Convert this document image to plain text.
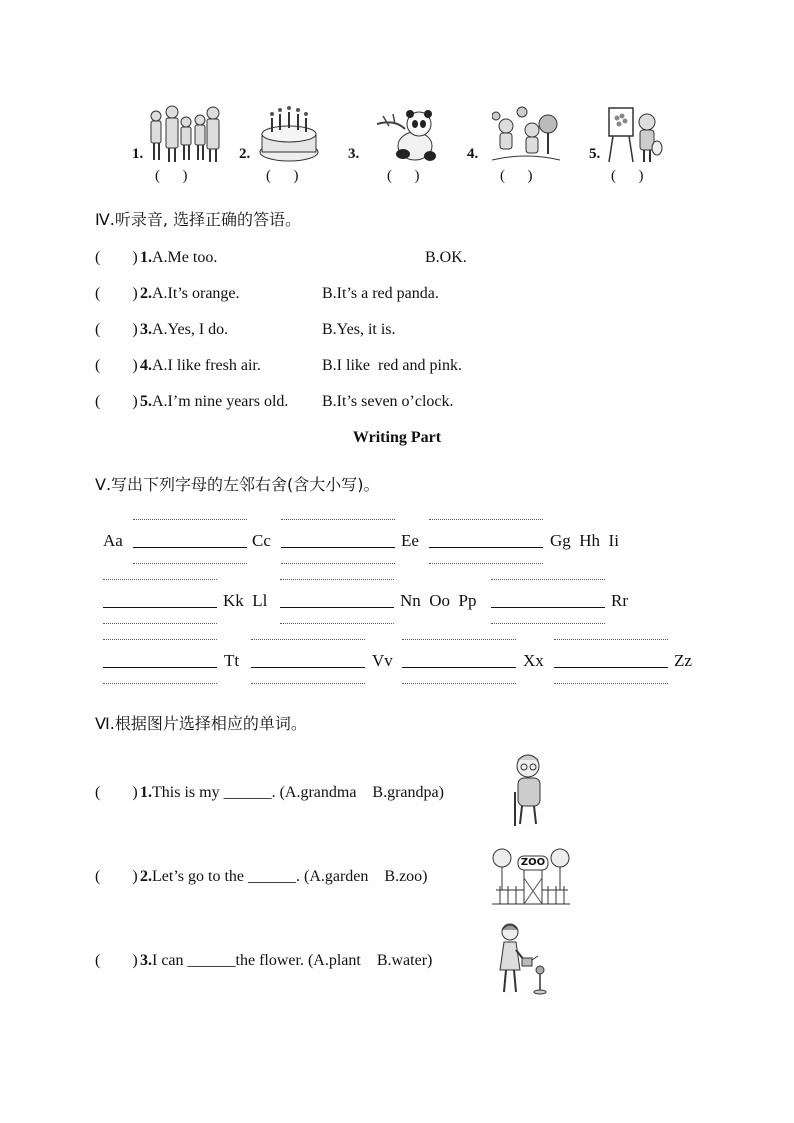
1.	2.	3.	4.	5.
(      )	(      )	(      )	(      )	(      )
Ⅳ.听录音, 选择正确的答语。
(        ) 1.A.Me too.	B.OK.
(        ) 2.A.It’s orange.	B.It’s a red panda.
(        ) 3.A.Yes, I do.	B.Yes, it is.
(        ) 4.A.I like fresh air.	B.I like  red and pink.
(        ) 5.A.I’m nine years old. B.It’s seven o’clock.
Writing Part
Ⅴ.写出下列字母的左邻右舍(含大小写)。
Aa	Cc	Ee	Gg  Hh  Ii
Kk  Ll	Nn  Oo  Pp	Rr
Tt	Vv	Xx	Zz
Ⅵ.根据图片选择相应的单词。
(        ) 1.This is my ______. (A.grandma    B.grandpa)
(        ) 2.Let’s go to the ______. (A.garden    B.zoo)
ZOO
(        ) 3.I can ______the flower. (A.plant    B.water)
